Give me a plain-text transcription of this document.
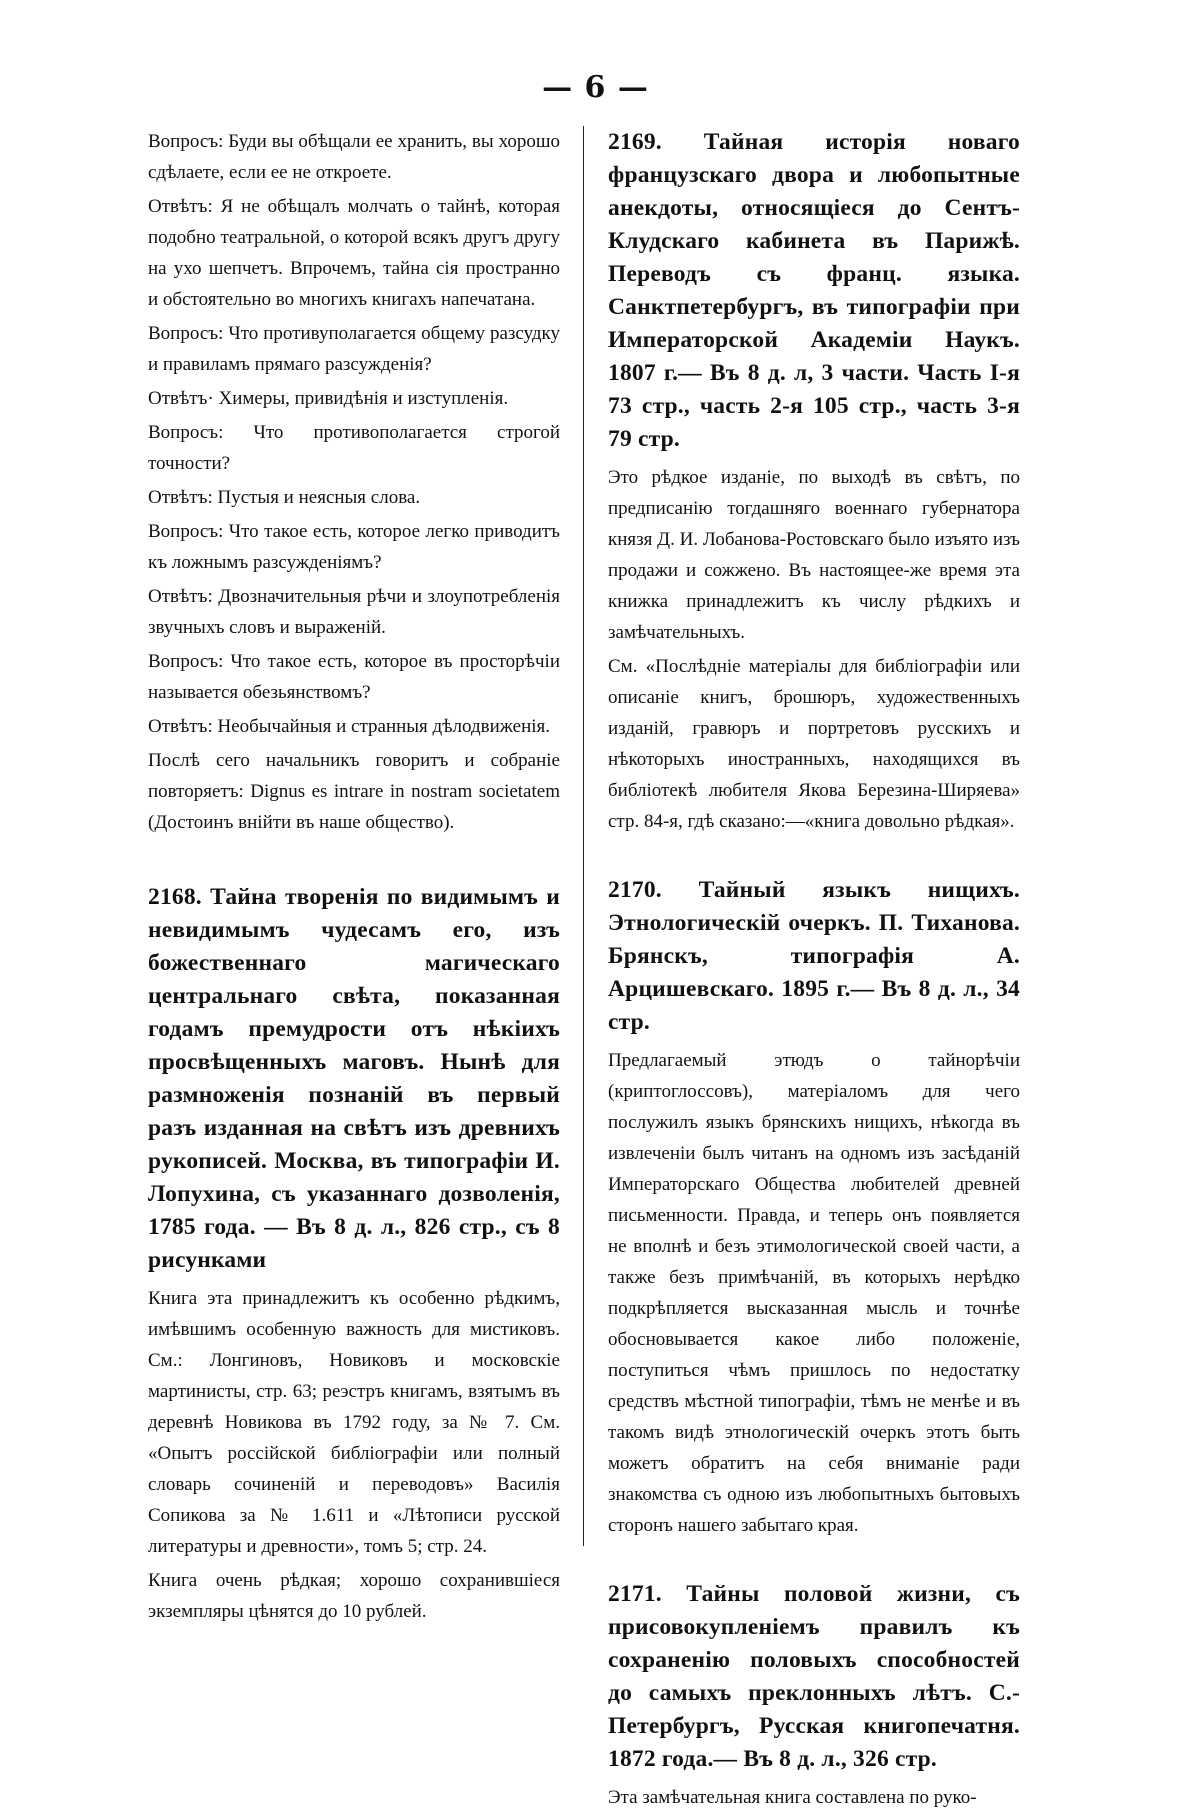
— 6 —

Вопросъ: Буди вы обѣщали ее хранить, вы хорошо сдѣлаете, если ее не откроете.

Отвѣтъ: Я не обѣщалъ молчать о тайнѣ, которая подобно театральной, о которой всякъ другъ другу на ухо шепчетъ. Впрочемъ, тайна сія пространно и обстоятельно во многихъ книгахъ напечатана.

Вопросъ: Что противуполагается общему разсудку и правиламъ прямаго разсужденія?

Отвѣтъ· Химеры, привидѣнія и изступленія.

Вопросъ: Что противополагается строгой точности?

Отвѣтъ: Пустыя и неясныя слова.

Вопросъ: Что такое есть, которое легко приводитъ къ ложнымъ разсужденіямъ?

Отвѣтъ: Двозначительныя рѣчи и злоупотребленія звучныхъ словъ и выраженій.

Вопросъ: Что такое есть, которое въ просторѣчіи называется обезьянствомъ?

Отвѣтъ: Необычайныя и странныя дѣлодвиженія.

Послѣ сего начальникъ говоритъ и собраніе повторяетъ: Dignus es intrare in nostram societatem (Достоинъ внійти въ наше общество).

2168. Тайна творенія по видимымъ и невидимымъ чудесамъ его, изъ божественнаго магическаго центральнаго свѣта, показанная годамъ премудрости отъ нѣкіихъ просвѣщенныхъ маговъ. Нынѣ для размноженія познаній въ первый разъ изданная на свѣтъ изъ древнихъ рукописей. Москва, въ типографіи И. Лопухина, съ указаннаго дозволенія, 1785 года. — Въ 8 д. л., 826 стр., съ 8 рисунками

Книга эта принадлежитъ къ особенно рѣдкимъ, имѣвшимъ особенную важность для мистиковъ. См.: Лонгиновъ, Новиковъ и московскіе мартинисты, стр. 63; реэстръ книгамъ, взятымъ въ деревнѣ Новикова въ 1792 году, за № 7. См. «Опытъ россійской библіографіи или полный словарь сочиненій и переводовъ» Василія Сопикова за № 1.611 и «Лѣтописи русской литературы и древности», томъ 5; стр. 24.

Книга очень рѣдкая; хорошо сохранившіеся экземпляры цѣнятся до 10 рублей.

2169. Тайная исторія новаго французскаго двора и любопытные анекдоты, относящіеся до Сентъ-Клудскаго кабинета въ Парижѣ. Переводъ съ франц. языка. Санктпетербургъ, въ типографіи при Императорской Академіи Наукъ. 1807 г.— Въ 8 д. л, 3 части. Часть I-я 73 стр., часть 2-я 105 стр., часть 3-я 79 стр.

Это рѣдкое изданіе, по выходѣ въ свѣтъ, по предписанію тогдашняго военнаго губернатора князя Д. И. Лобанова-Ростовскаго было изъято изъ продажи и сожжено. Въ настоящее-же время эта книжка принадлежитъ къ числу рѣдкихъ и замѣчательныхъ.

См. «Послѣдніе матеріалы для библіографіи или описаніе книгъ, брошюръ, художественныхъ изданій, гравюръ и портретовъ русскихъ и нѣкоторыхъ иностранныхъ, находящихся въ библіотекѣ любителя Якова Березина-Ширяева» стр. 84-я, гдѣ сказано:—«книга довольно рѣдкая».

2170. Тайный языкъ нищихъ. Этнологическій очеркъ. П. Тиханова. Брянскъ, типографія А. Арцишевскаго. 1895 г.— Въ 8 д. л., 34 стр.

Предлагаемый этюдъ о тайнорѣчіи (криптоглоссовъ), матеріаломъ для чего послужилъ языкъ брянскихъ нищихъ, нѣкогда въ извлеченіи былъ читанъ на одномъ изъ засѣданій Императорскаго Общества любителей древней письменности. Правда, и теперь онъ появляется не вполнѣ и безъ этимологической своей части, а также безъ примѣчаній, въ которыхъ нерѣдко подкрѣпляется высказанная мысль и точнѣе обосновывается какое либо положеніе, поступиться чѣмъ пришлось по недостатку средствъ мѣстной типографіи, тѣмъ не менѣе и въ такомъ видѣ этнологическій очеркъ этотъ быть можетъ обратитъ на себя вниманіе ради знакомства съ одною изъ любопытныхъ бытовыхъ сторонъ нашего забытаго края.

2171. Тайны половой жизни, съ присовокупленіемъ правилъ къ сохраненію половыхъ способностей до самыхъ преклонныхъ лѣтъ. С.-Петербургъ, Русская книгопечатня. 1872 года.— Въ 8 д. л., 326 стр.

Эта замѣчательная книга составлена по руко-
